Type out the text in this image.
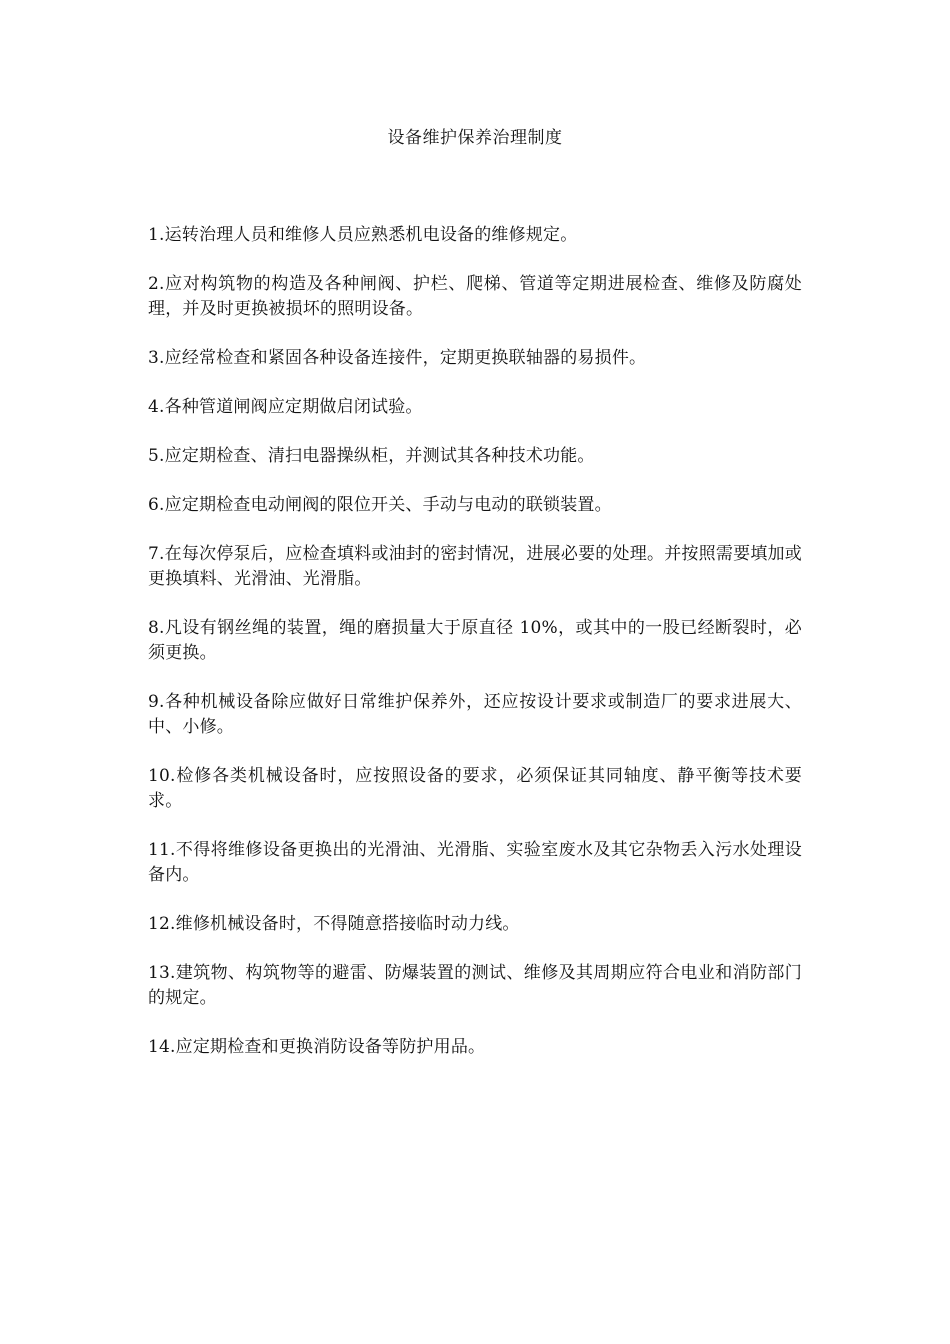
设备维护保养治理制度

1.运转治理人员和维修人员应熟悉机电设备的维修规定。

2.应对构筑物的构造及各种闸阀、护栏、爬梯、管道等定期进展检查、维修及防腐处理，并及时更换被损坏的照明设备。

3.应经常检查和紧固各种设备连接件，定期更换联轴器的易损件。

4.各种管道闸阀应定期做启闭试验。

5.应定期检查、清扫电器操纵柜，并测试其各种技术功能。

6.应定期检查电动闸阀的限位开关、手动与电动的联锁装置。

7.在每次停泵后，应检查填料或油封的密封情况，进展必要的处理。并按照需要填加或更换填料、光滑油、光滑脂。

8.凡设有钢丝绳的装置，绳的磨损量大于原直径 10%，或其中的一股已经断裂时，必须更换。

9.各种机械设备除应做好日常维护保养外，还应按设计要求或制造厂的要求进展大、中、小修。

10.检修各类机械设备时，应按照设备的要求，必须保证其同轴度、静平衡等技术要求。

11.不得将维修设备更换出的光滑油、光滑脂、实验室废水及其它杂物丢入污水处理设备内。

12.维修机械设备时，不得随意搭接临时动力线。

13.建筑物、构筑物等的避雷、防爆装置的测试、维修及其周期应符合电业和消防部门的规定。

14.应定期检查和更换消防设备等防护用品。
